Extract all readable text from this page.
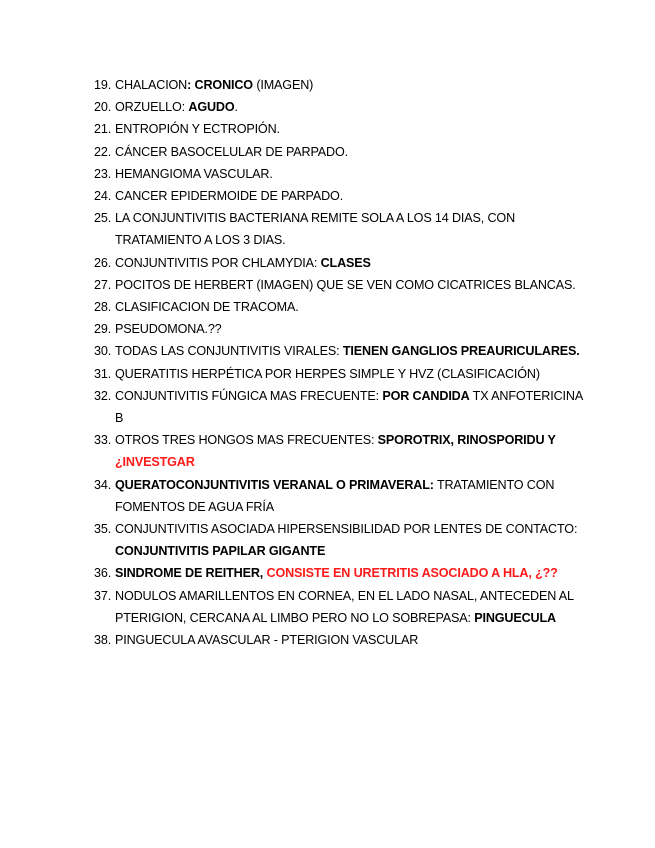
19. CHALACION: CRONICO (IMAGEN)
20. ORZUELLO: AGUDO.
21. ENTROPIÓN Y ECTROPIÓN.
22. CÁNCER BASOCELULAR DE PARPADO.
23. HEMANGIOMA VASCULAR.
24. CANCER EPIDERMOIDE DE PARPADO.
25. LA CONJUNTIVITIS BACTERIANA REMITE SOLA A LOS 14 DIAS, CON TRATAMIENTO A LOS 3 DIAS.
26. CONJUNTIVITIS POR CHLAMYDIA: CLASES
27. POCITOS DE HERBERT (IMAGEN) QUE SE VEN COMO CICATRICES BLANCAS.
28. CLASIFICACION DE TRACOMA.
29. PSEUDOMONA.??
30. TODAS LAS CONJUNTIVITIS VIRALES: TIENEN GANGLIOS PREAURICULARES.
31. QUERATITIS HERPÉTICA POR HERPES SIMPLE Y HVZ (CLASIFICACIÓN)
32. CONJUNTIVITIS FÚNGICA MAS FRECUENTE: POR CANDIDA TX ANFOTERICINA B
33. OTROS TRES HONGOS MAS FRECUENTES: SPOROTRIX, RINOSPORIDU Y ¿INVESTGAR
34. QUERATOCONJUNTIVITIS VERANAL O PRIMAVERAL: TRATAMIENTO CON FOMENTOS DE AGUA FRÍA
35. CONJUNTIVITIS ASOCIADA HIPERSENSIBILIDAD POR LENTES DE CONTACTO: CONJUNTIVITIS PAPILAR GIGANTE
36. SINDROME DE REITHER, CONSISTE EN URETRITIS ASOCIADO A HLA, ¿??
37. NODULOS AMARILLENTOS EN CORNEA, EN EL LADO NASAL, ANTECEDEN AL PTERIGION, CERCANA AL LIMBO PERO NO LO SOBREPASA: PINGUECULA
38. PINGUECULA AVASCULAR - PTERIGION VASCULAR
